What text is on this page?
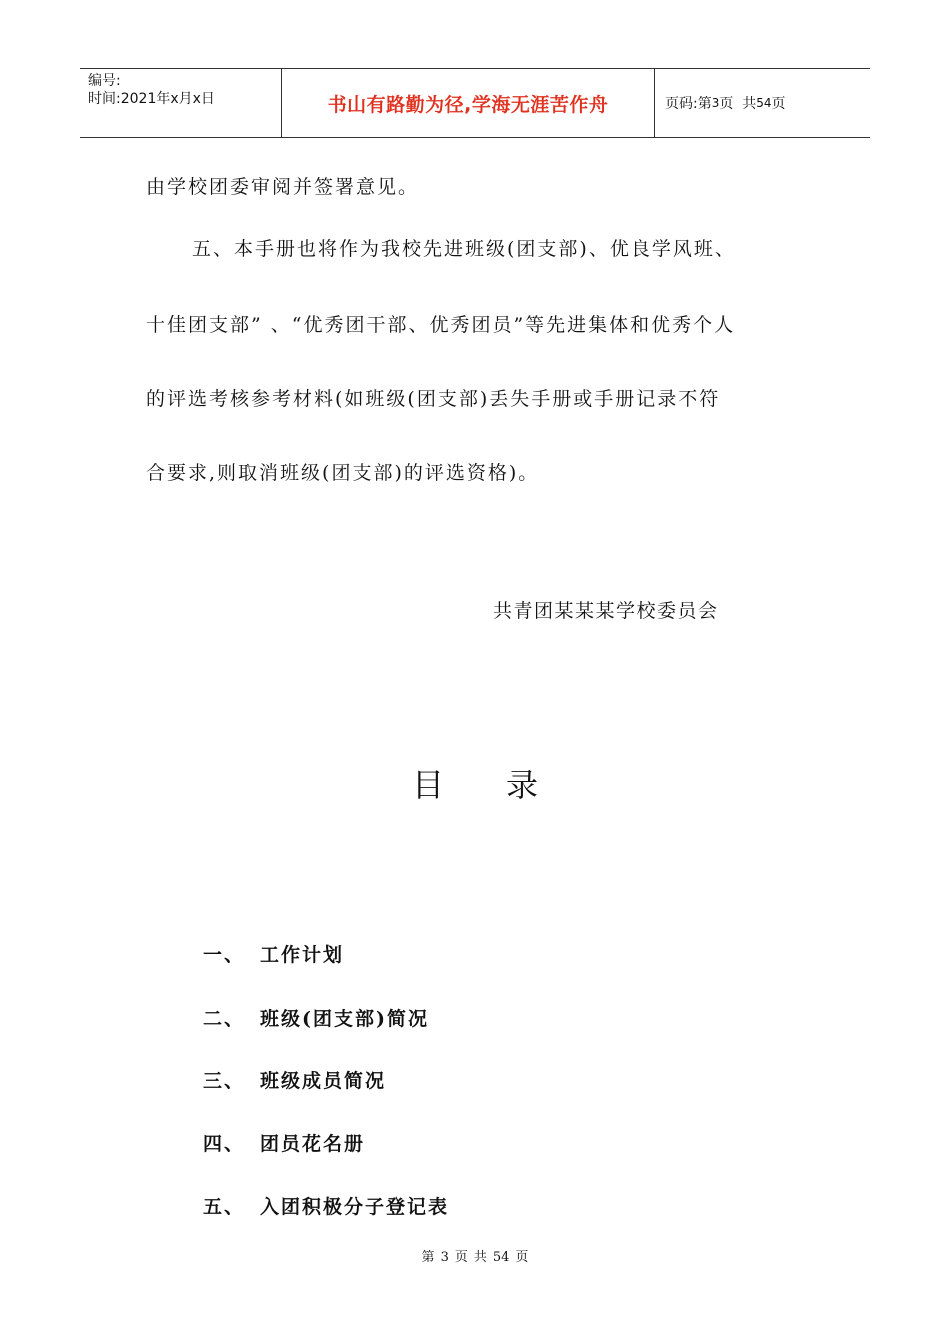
编号:
时间:2021年x月x日	书山有路勤为径,学海无涯苦作舟	页码:第 3 页  共 54 页
由学校团委审阅并签署意见。
五、本手册也将作为我校先进班级(团支部)、优良学风班、
十佳团支部” 、“优秀团干部、优秀团员”等先进集体和优秀个人
的评选考核参考材料(如班级(团支部)丢失手册或手册记录不符
合要求,则取消班级(团支部)的评选资格)。
共青团某某某学校委员会
目 录
一、 工作计划
二、 班级(团支部)简况
三、 班级成员简况
四、 团员花名册
五、 入团积极分子登记表
第 3 页 共 54 页
